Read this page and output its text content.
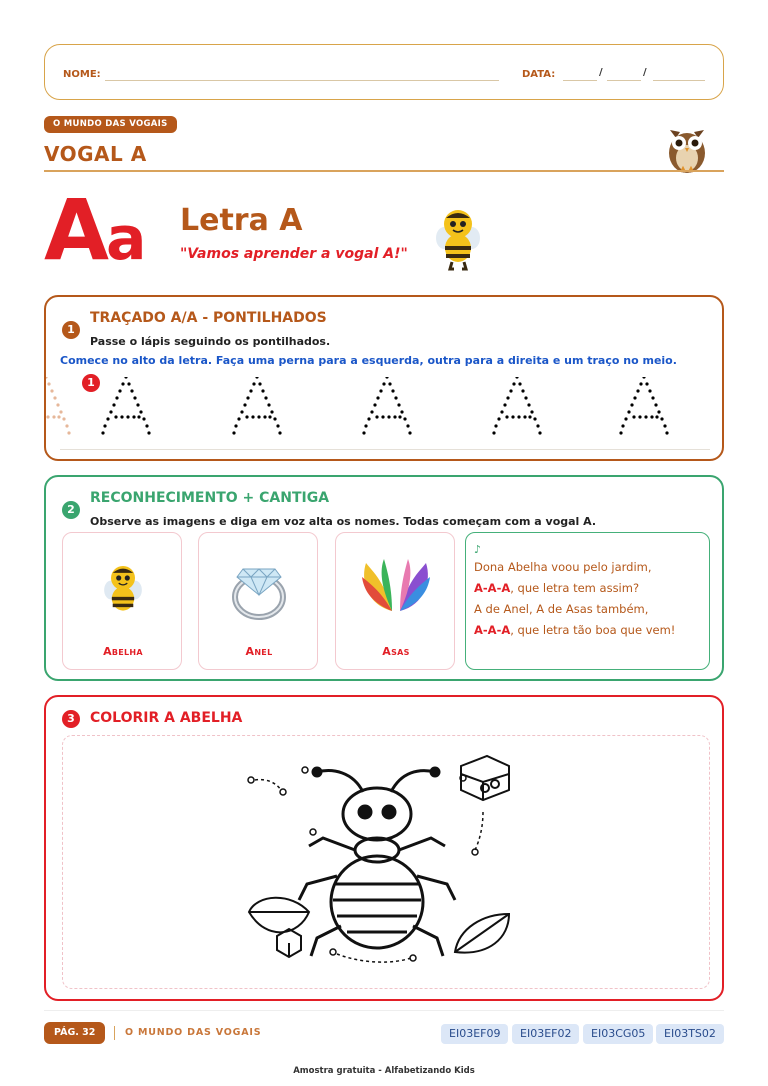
NOME:	DATA:	/	/
O MUNDO DAS VOGAIS
VOGAL A
Aa Letra A
"Vamos aprender a vogal A!"
1
TRAÇADO A/A - PONTILHADOS
Passe o lápis seguindo os pontilhados.
Comece no alto da letra. Faça uma perna para a esquerda, outra para a direita e um traço no meio.
1
2
RECONHECIMENTO + CANTIGA
Observe as imagens e diga em voz alta os nomes. Todas começam com a vogal A.
Abelha	Anel	Asas
♪
Dona Abelha voou pelo jardim,
A-A-A, que letra tem assim?
A de Anel, A de Asas também,
A-A-A, que letra tão boa que vem!
3	COLORIR A ABELHA
PÁG. 32	O MUNDO DAS VOGAIS	EI03EF09	EI03EF02	EI03CG05	EI03TS02
Amostra gratuita - Alfabetizando Kids
